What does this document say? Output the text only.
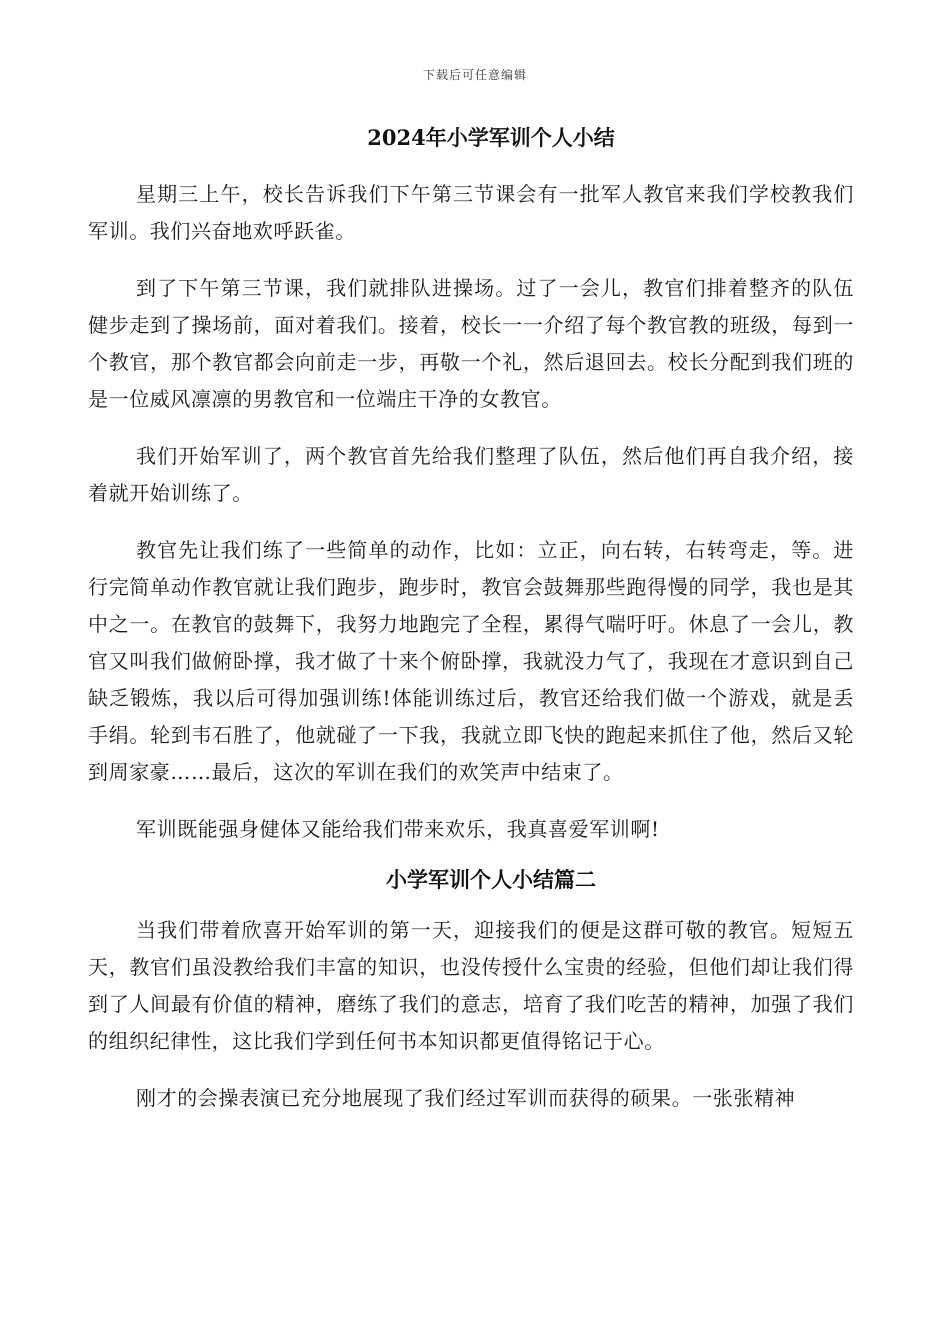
下载后可任意编辑
2024年小学军训个人小结

星期三上午，校长告诉我们下午第三节课会有一批军人教官来我们学校教我们军训。我们兴奋地欢呼跃雀。

到了下午第三节课，我们就排队进操场。过了一会儿，教官们排着整齐的队伍健步走到了操场前，面对着我们。接着，校长一一介绍了每个教官教的班级，每到一个教官，那个教官都会向前走一步，再敬一个礼，然后退回去。校长分配到我们班的是一位威风凛凛的男教官和一位端庄干净的女教官。

我们开始军训了，两个教官首先给我们整理了队伍，然后他们再自我介绍，接着就开始训练了。

教官先让我们练了一些简单的动作，比如：立正，向右转，右转弯走，等。进行完简单动作教官就让我们跑步，跑步时，教官会鼓舞那些跑得慢的同学，我也是其中之一。在教官的鼓舞下，我努力地跑完了全程，累得气喘吁吁。休息了一会儿，教官又叫我们做俯卧撑，我才做了十来个俯卧撑，我就没力气了，我现在才意识到自己缺乏锻炼，我以后可得加强训练!体能训练过后，教官还给我们做一个游戏，就是丢手绢。轮到韦石胜了，他就碰了一下我，我就立即飞快的跑起来抓住了他，然后又轮到周家豪……最后，这次的军训在我们的欢笑声中结束了。

军训既能强身健体又能给我们带来欢乐，我真喜爱军训啊!

小学军训个人小结篇二

当我们带着欣喜开始军训的第一天，迎接我们的便是这群可敬的教官。短短五天，教官们虽没教给我们丰富的知识，也没传授什么宝贵的经验，但他们却让我们得到了人间最有价值的精神，磨练了我们的意志，培育了我们吃苦的精神，加强了我们的组织纪律性，这比我们学到任何书本知识都更值得铭记于心。

刚才的会操表演已充分地展现了我们经过军训而获得的硕果。一张张精神
